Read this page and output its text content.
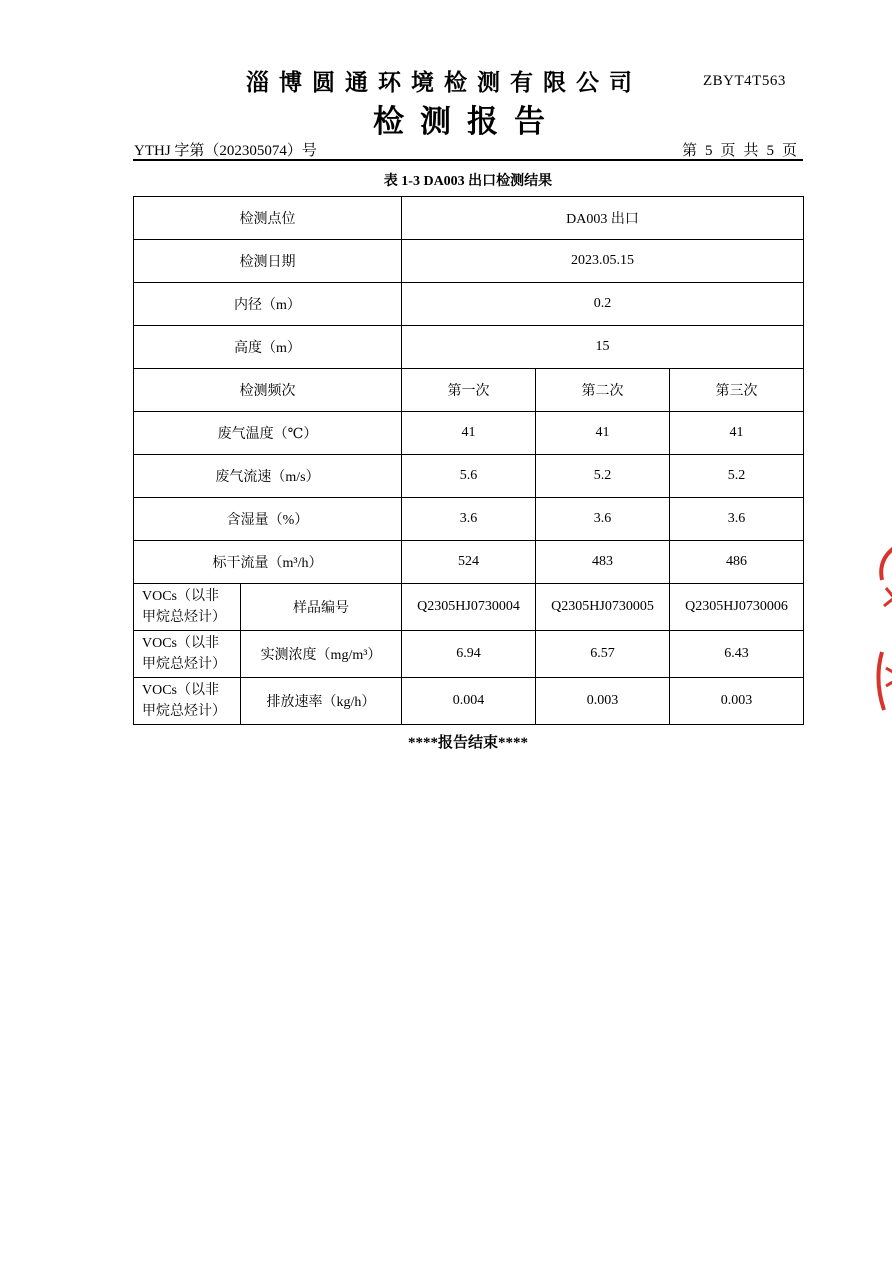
淄博圆通环境检测有限公司	ZBYT4T563
检测报告
YTHJ 字第（202305074）号	第 5 页 共 5 页
表 1-3 DA003 出口检测结果
检测点位		DA003 出口		
检测日期		2023.05.15		
内径（m）		0.2		
高度（m）		15		
检测频次		第一次	第二次	第三次
废气温度（℃）		41	41	41
废气流速（m/s）		5.6	5.2	5.2
含湿量（%）		3.6	3.6	3.6
标干流量（m³/h）		524	483	486
VOCs（以非
甲烷总烃计）	样品编号	Q2305HJ0730004	Q2305HJ0730005	Q2305HJ0730006
VOCs（以非
甲烷总烃计）	实测浓度（mg/m³）	6.94	6.57	6.43
VOCs（以非
甲烷总烃计）	排放速率（kg/h）	0.004	0.003	0.003
****报告结束****
